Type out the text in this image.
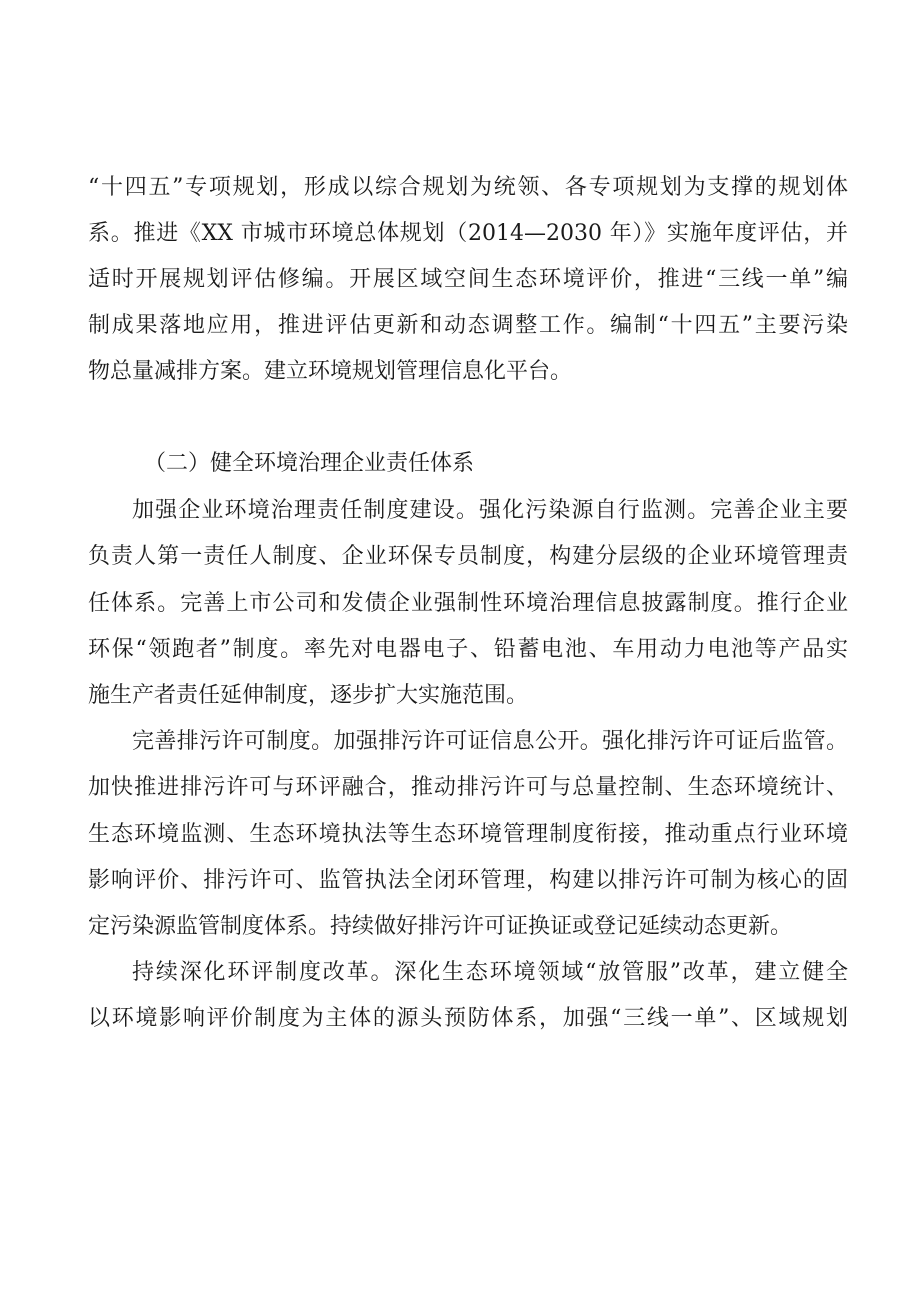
“十四五”专项规划，形成以综合规划为统领、各专项规划为支撑的规划体
系。推进《XX 市城市环境总体规划（2014—2030 年）》实施年度评估，并
适时开展规划评估修编。开展区域空间生态环境评价，推进“三线一单”编
制成果落地应用，推进评估更新和动态调整工作。编制“十四五”主要污染
物总量减排方案。建立环境规划管理信息化平台。
（二）健全环境治理企业责任体系
加强企业环境治理责任制度建设。强化污染源自行监测。完善企业主要
负责人第一责任人制度、企业环保专员制度，构建分层级的企业环境管理责
任体系。完善上市公司和发债企业强制性环境治理信息披露制度。推行企业
环保“领跑者”制度。率先对电器电子、铅蓄电池、车用动力电池等产品实
施生产者责任延伸制度，逐步扩大实施范围。
完善排污许可制度。加强排污许可证信息公开。强化排污许可证后监管。
加快推进排污许可与环评融合，推动排污许可与总量控制、生态环境统计、
生态环境监测、生态环境执法等生态环境管理制度衔接，推动重点行业环境
影响评价、排污许可、监管执法全闭环管理，构建以排污许可制为核心的固
定污染源监管制度体系。持续做好排污许可证换证或登记延续动态更新。
持续深化环评制度改革。深化生态环境领域“放管服”改革，建立健全
以环境影响评价制度为主体的源头预防体系，加强“三线一单”、区域规划
